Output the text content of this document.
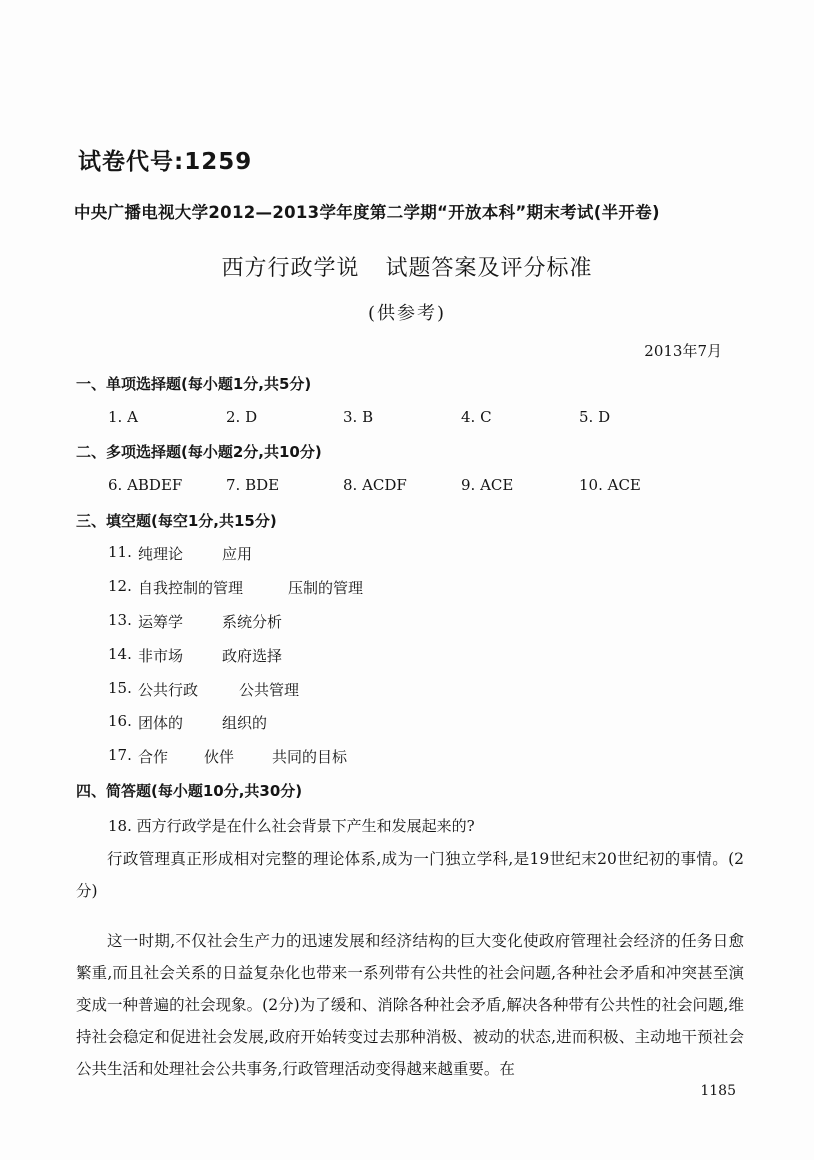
试卷代号:1259
中央广播电视大学2012—2013学年度第二学期“开放本科”期末考试(半开卷)
西方行政学说 试题答案及评分标准
(供参考)
2013年7月
一、单项选择题(每小题1分,共5分)
1. A	2. D	3. B	4. C	5. D
二、多项选择题(每小题2分,共10分)
6. ABDEF	7. BDE	8. ACDF	9. ACE	10. ACE
三、填空题(每空1分,共15分)
11. 纯理论	应用
12. 自我控制的管理	压制的管理
13. 运筹学	系统分析
14. 非市场	政府选择
15. 公共行政	公共管理
16. 团体的	组织的
17. 合作 伙伴	共同的目标
四、简答题(每小题10分,共30分)
18. 西方行政学是在什么社会背景下产生和发展起来的?

行政管理真正形成相对完整的理论体系,成为一门独立学科,是19世纪末20世纪初的事情。(2分)

这一时期,不仅社会生产力的迅速发展和经济结构的巨大变化使政府管理社会经济的任务日愈繁重,而且社会关系的日益复杂化也带来一系列带有公共性的社会问题,各种社会矛盾和冲突甚至演变成一种普遍的社会现象。(2分)为了缓和、消除各种社会矛盾,解决各种带有公共性的社会问题,维持社会稳定和促进社会发展,政府开始转变过去那种消极、被动的状态,进而积极、主动地干预社会公共生活和处理社会公共事务,行政管理活动变得越来越重要。在

1185
